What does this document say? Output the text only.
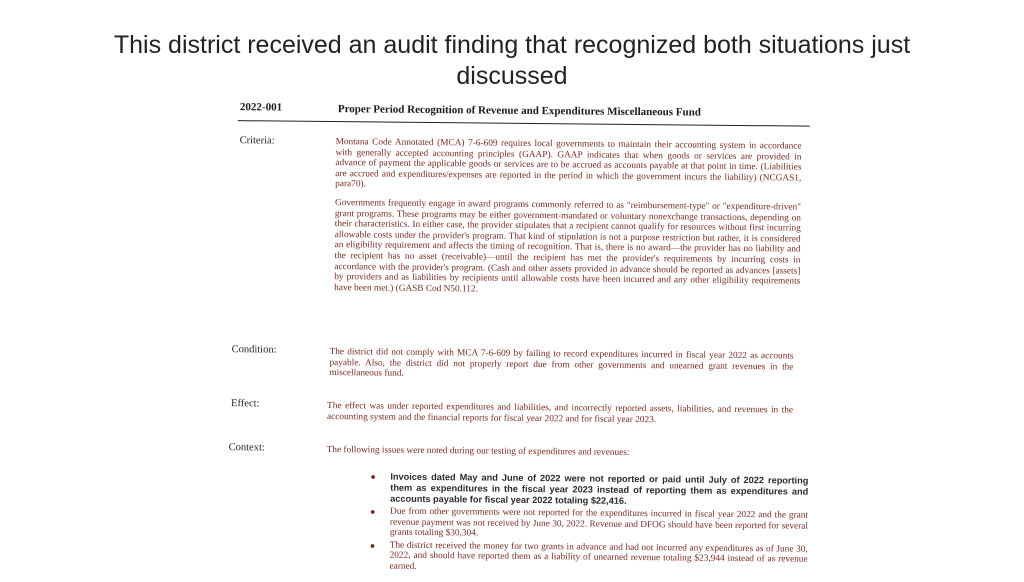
This district received an audit finding that recognized both situations just discussed
2022-001	Proper Period Recognition of Revenue and Expenditures Miscellaneous Fund
Criteria:	Montana Code Annotated (MCA) 7-6-609 requires local governments to maintain their accounting system in accordance with generally accepted accounting principles (GAAP). GAAP indicates that when goods or services are provided in advance of payment the applicable goods or services are to be accrued as accounts payable at that point in time. (Liabilities are accrued and expenditures/expenses are reported in the period in which the government incurs the liability) (NCGAS1, para70).

Governments frequently engage in award programs commonly referred to as "reimbursement-type" or "expenditure-driven" grant programs. These programs may be either government-mandated or voluntary nonexchange transactions, depending on their characteristics. In either case, the provider stipulates that a recipient cannot qualify for resources without first incurring allowable costs under the provider's program. That kind of stipulation is not a purpose restriction but rather, it is considered an eligibility requirement and affects the timing of recognition. That is, there is no award—the provider has no liability and the recipient has no asset (receivable)—until the recipient has met the provider's requirements by incurring costs in accordance with the provider's program. (Cash and other assets provided in advance should be reported as advances [assets] by providers and as liabilities by recipients until allowable costs have been incurred and any other eligibility requirements have been met.) (GASB Cod N50.112.

Condition:	The district did not comply with MCA 7-6-609 by failing to record expenditures incurred in fiscal year 2022 as accounts payable. Also, the district did not properly report due from other governments and unearned grant revenues in the miscellaneous fund.
Effect:	The effect was under reported expenditures and liabilities, and incorrectly reported assets, liabilities, and revenues in the accounting system and the financial reports for fiscal year 2022 and for fiscal year 2023.
Context:	The following issues were noted during our testing of expenditures and revenues:
● Invoices dated May and June of 2022 were not reported or paid until July of 2022 reporting them as expenditures in the fiscal year 2023 instead of reporting them as expenditures and accounts payable for fiscal year 2022 totaling $22,416.
● Due from other governments were not reported for the expenditures incurred in fiscal year 2022 and the grant revenue payment was not received by June 30, 2022. Revenue and DFOG should have been reported for several grants totaling $30,304.
● The district received the money for two grants in advance and had not incurred any expenditures as of June 30, 2022, and should have reported them as a liability of unearned revenue totaling $23,944 instead of as revenue earned.
